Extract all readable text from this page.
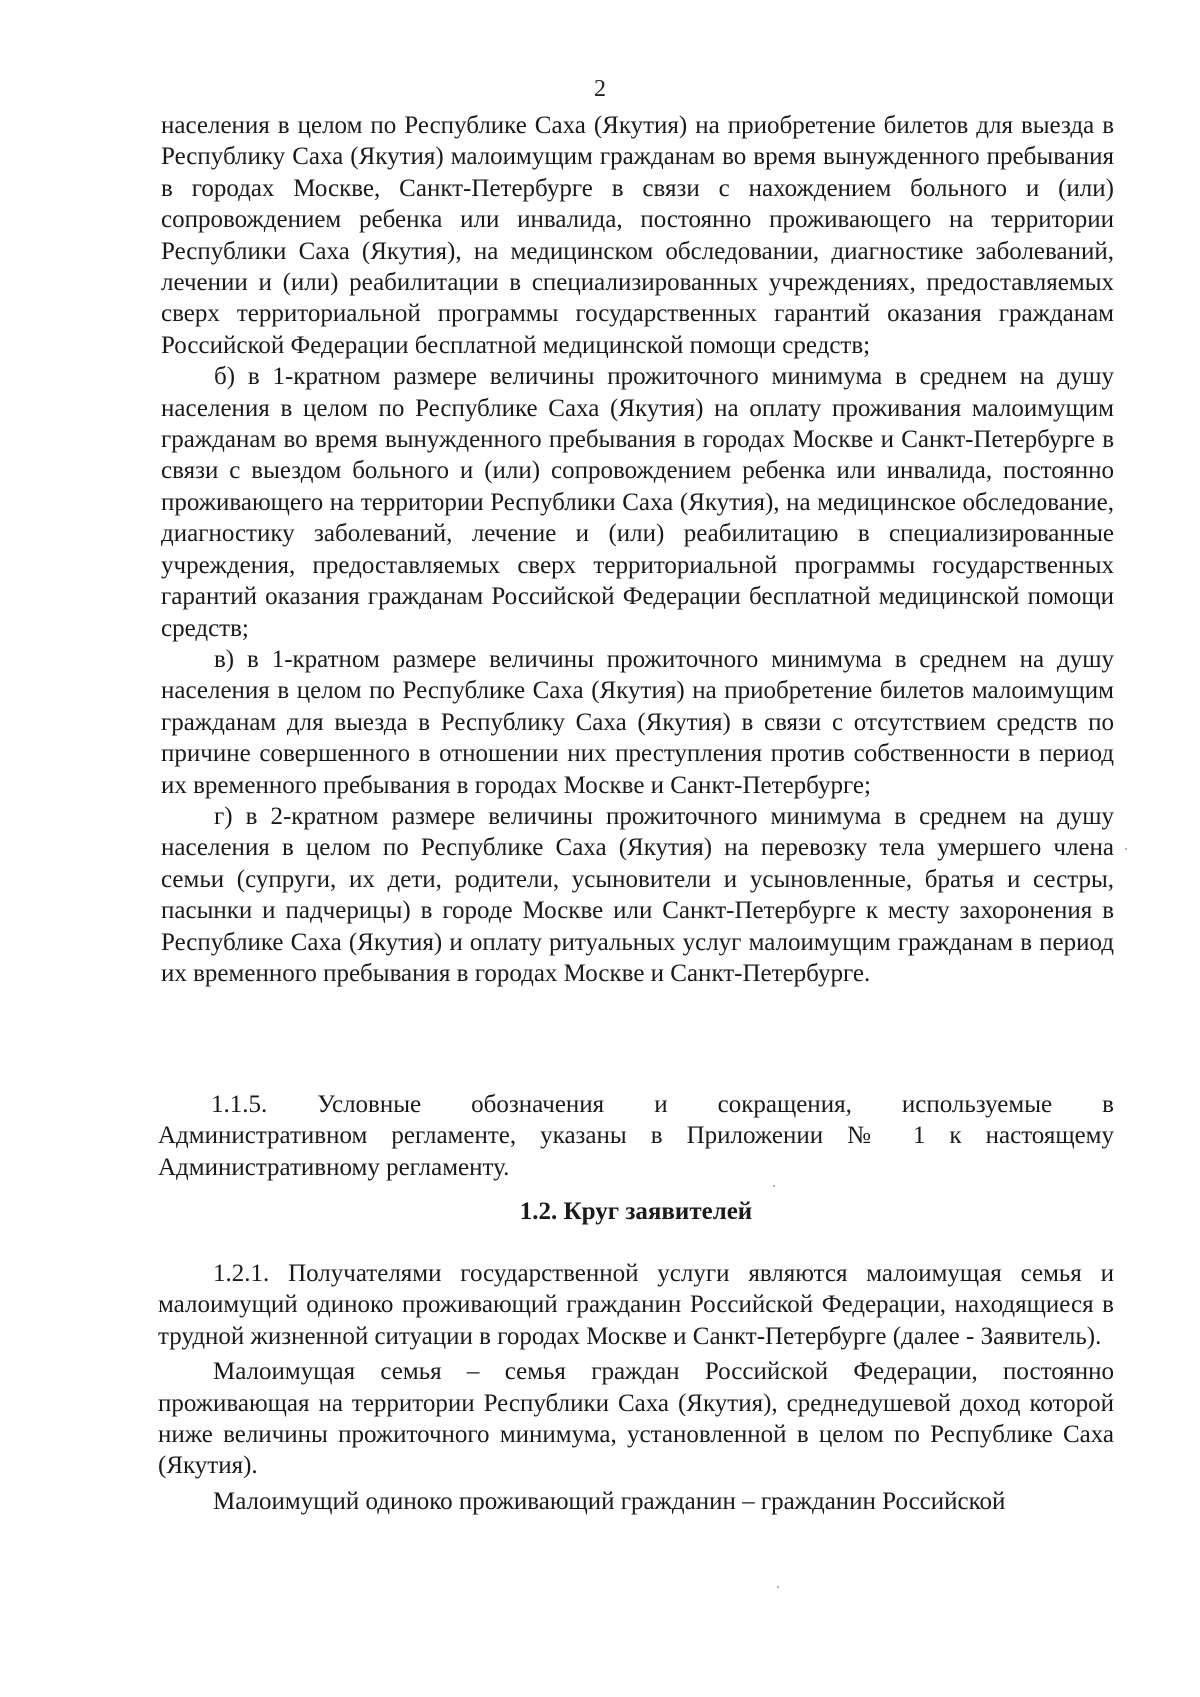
2

населения в целом по Республике Саха (Якутия) на приобретение билетов для выезда в Республику Саха (Якутия) малоимущим гражданам во время вынужденного пребывания в городах Москве, Санкт-Петербурге в связи с нахождением больного и (или) сопровождением ребенка или инвалида, постоянно проживающего на территории Республики Саха (Якутия), на медицинском обследовании, диагностике заболеваний, лечении и (или) реабилитации в специализированных учреждениях, предоставляемых сверх территориальной программы государственных гарантий оказания гражданам Российской Федерации бесплатной медицинской помощи средств;

б) в 1-кратном размере величины прожиточного минимума в среднем на душу населения в целом по Республике Саха (Якутия) на оплату проживания малоимущим гражданам во время вынужденного пребывания в городах Москве и Санкт-Петербурге в связи с выездом больного и (или) сопровождением ребенка или инвалида, постоянно проживающего на территории Республики Саха (Якутия), на медицинское обследование, диагностику заболеваний, лечение и (или) реабилитацию в специализированные учреждения, предоставляемых сверх территориальной программы государственных гарантий оказания гражданам Российской Федерации бесплатной медицинской помощи средств;

в) в 1-кратном размере величины прожиточного минимума в среднем на душу населения в целом по Республике Саха (Якутия) на приобретение билетов малоимущим гражданам для выезда в Республику Саха (Якутия) в связи с отсутствием средств по причине совершенного в отношении них преступления против собственности в период их временного пребывания в городах Москве и Санкт-Петербурге;

г) в 2-кратном размере величины прожиточного минимума в среднем на душу населения в целом по Республике Саха (Якутия) на перевозку тела умершего члена семьи (супруги, их дети, родители, усыновители и усыновленные, братья и сестры, пасынки и падчерицы) в городе Москве или Санкт-Петербурге к месту захоронения в Республике Саха (Якутия) и оплату ритуальных услуг малоимущим гражданам в период их временного пребывания в городах Москве и Санкт-Петербурге.

1.1.5. Условные обозначения и сокращения, используемые в

Административном регламенте, указаны в Приложении № 1 к настоящему Административному регламенту.

1.2. Круг заявителей

1.2.1. Получателями государственной услуги являются малоимущая семья и малоимущий одиноко проживающий гражданин Российской Федерации, находящиеся в трудной жизненной ситуации в городах Москве и Санкт-Петербурге (далее - Заявитель).

Малоимущая семья – семья граждан Российской Федерации, постоянно проживающая на территории Республики Саха (Якутия), среднедушевой доход которой ниже величины прожиточного минимума, установленной в целом по Республике Саха (Якутия).

Малоимущий одиноко проживающий гражданин – гражданин Российской
